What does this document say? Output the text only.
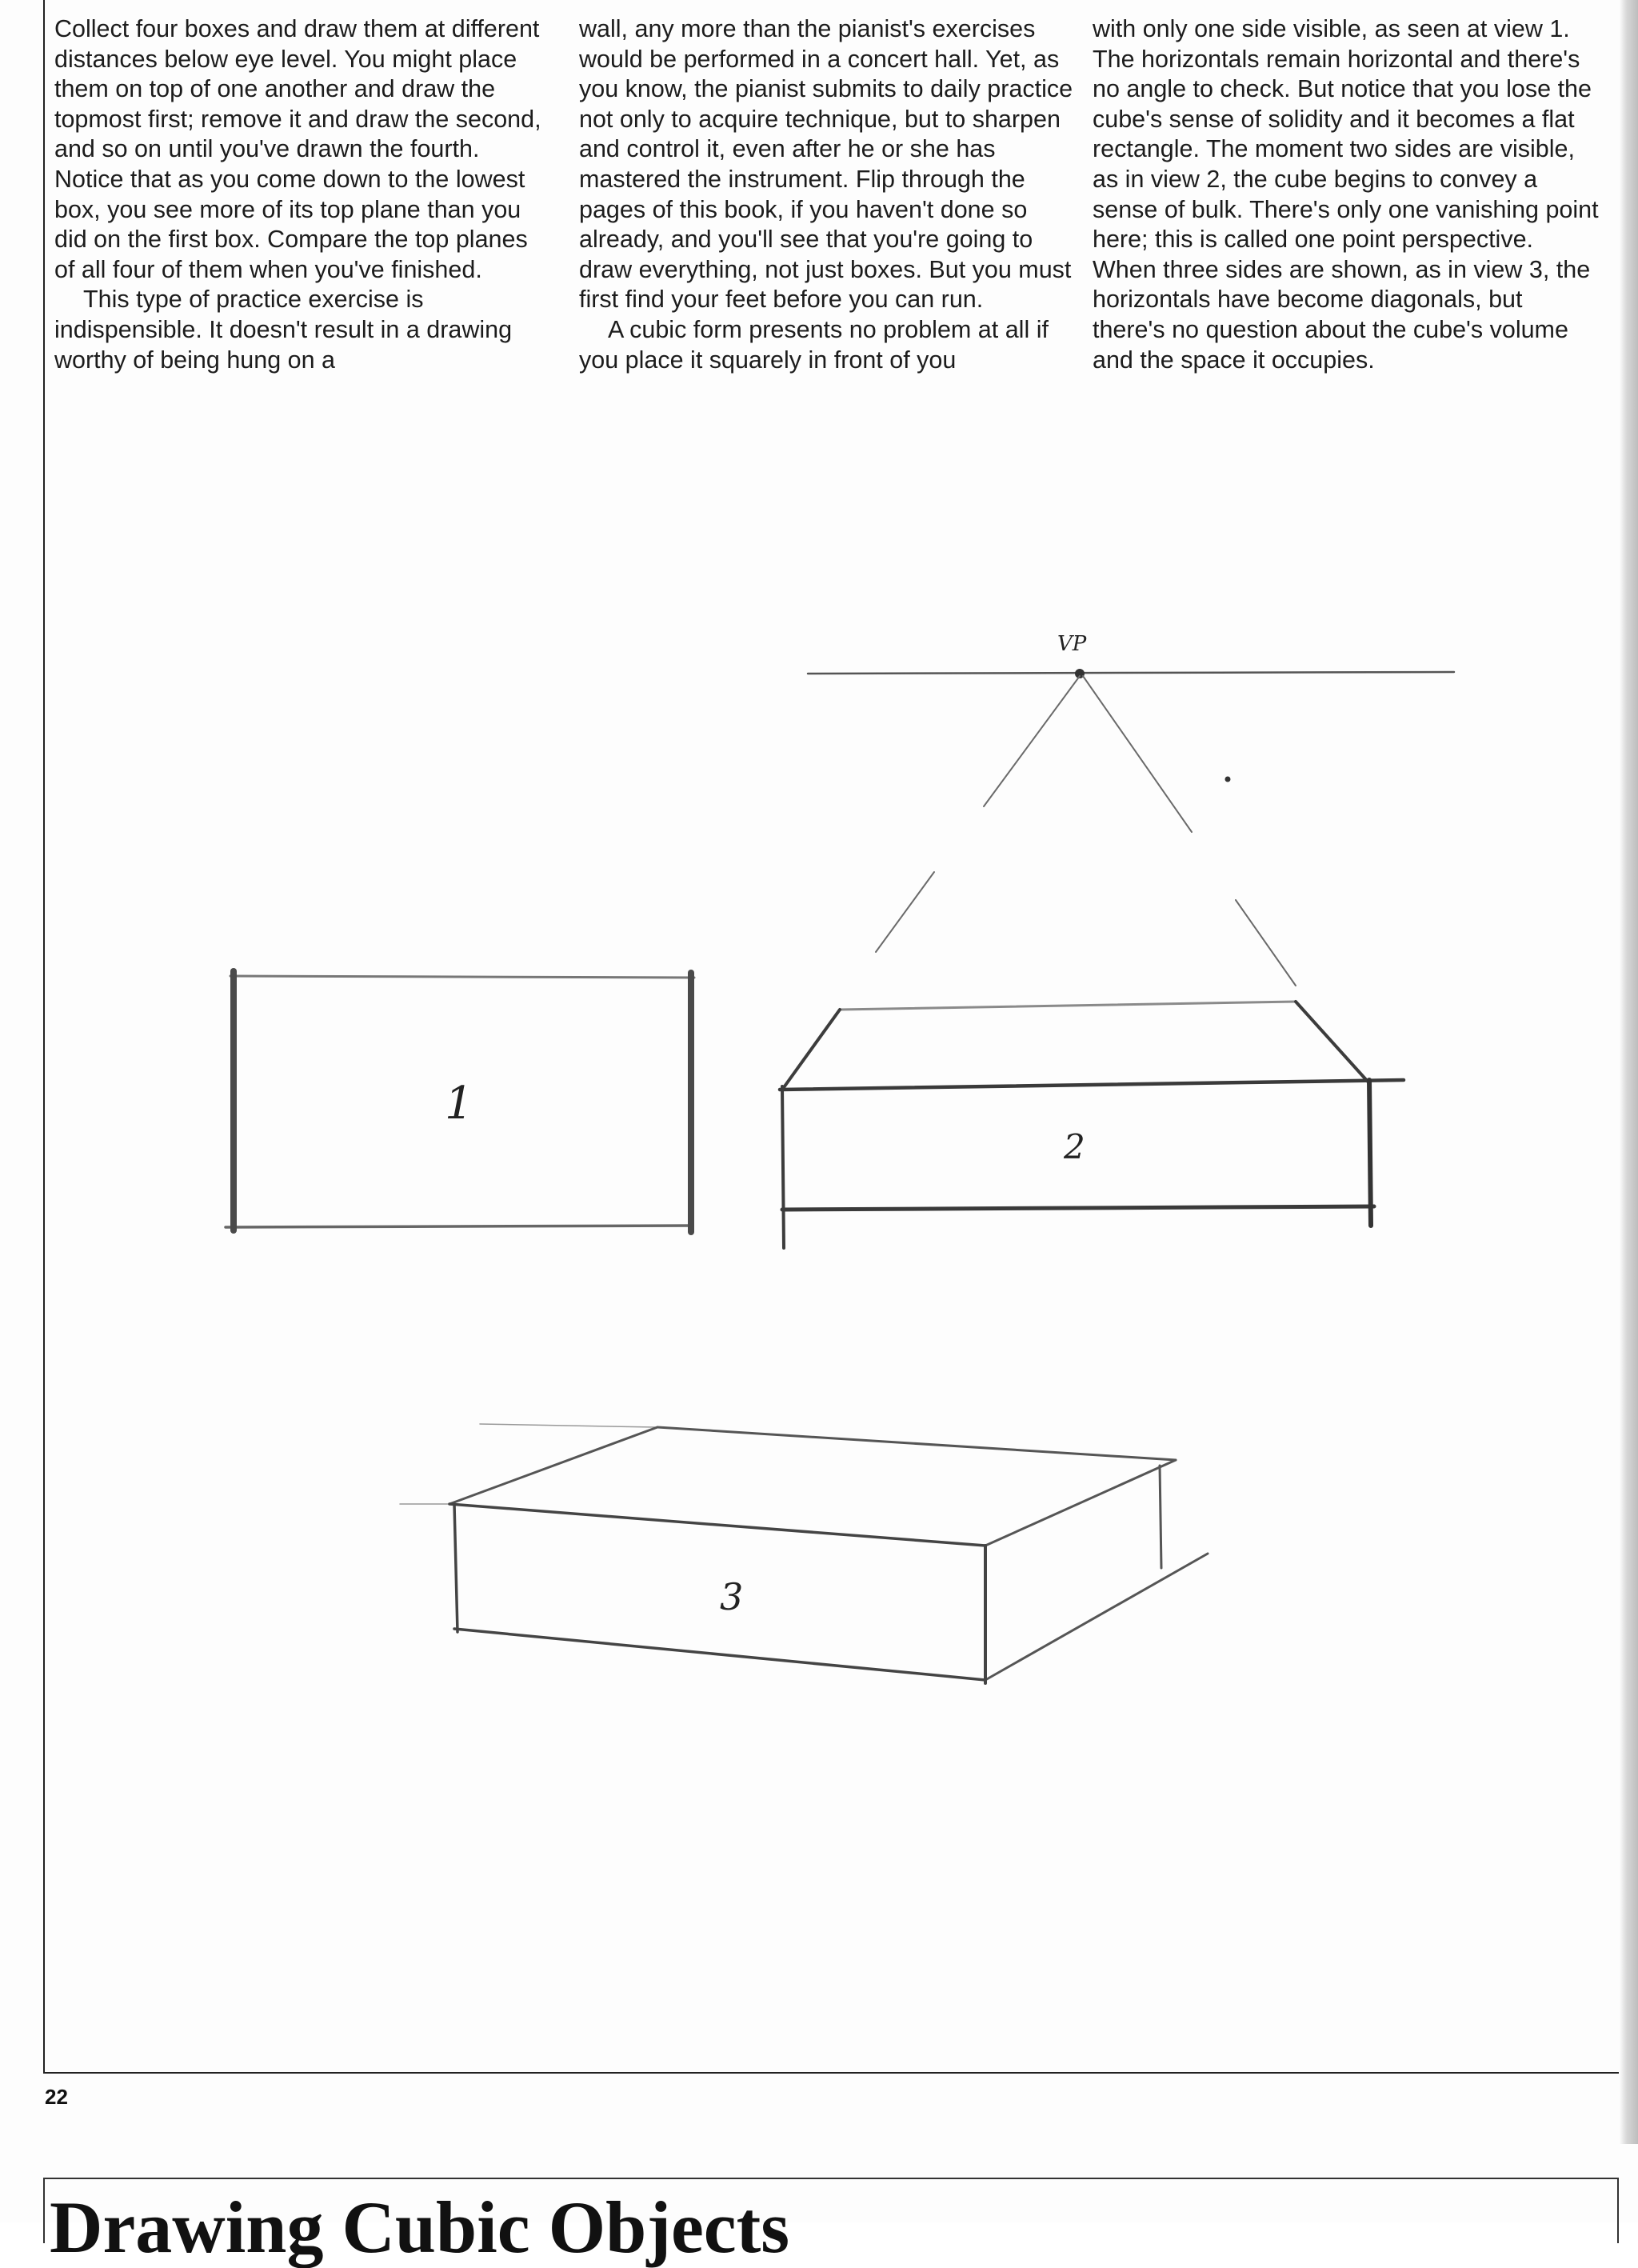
Collect four boxes and draw them at different distances below eye level. You might place them on top of one another and draw the topmost first; remove it and draw the second, and so on until you've drawn the fourth. Notice that as you come down to the lowest box, you see more of its top plane than you did on the first box. Compare the top planes of all four of them when you've finished.

This type of practice exercise is indispensible. It doesn't result in a drawing worthy of being hung on a

wall, any more than the pianist's exercises would be performed in a concert hall. Yet, as you know, the pianist submits to daily practice not only to acquire technique, but to sharpen and control it, even after he or she has mastered the instrument. Flip through the pages of this book, if you haven't done so already, and you'll see that you're going to draw everything, not just boxes. But you must first find your feet before you can run.

A cubic form presents no problem at all if you place it squarely in front of you

with only one side visible, as seen at view 1. The horizontals remain horizontal and there's no angle to check. But notice that you lose the cube's sense of solidity and it becomes a flat rectangle. The moment two sides are visible, as in view 2, the cube begins to convey a sense of bulk. There's only one vanishing point here; this is called one point perspective. When three sides are shown, as in view 3, the horizontals have become diagonals, but there's no question about the cube's volume and the space it occupies.

VP
1
2
3
22
Drawing Cubic Objects
